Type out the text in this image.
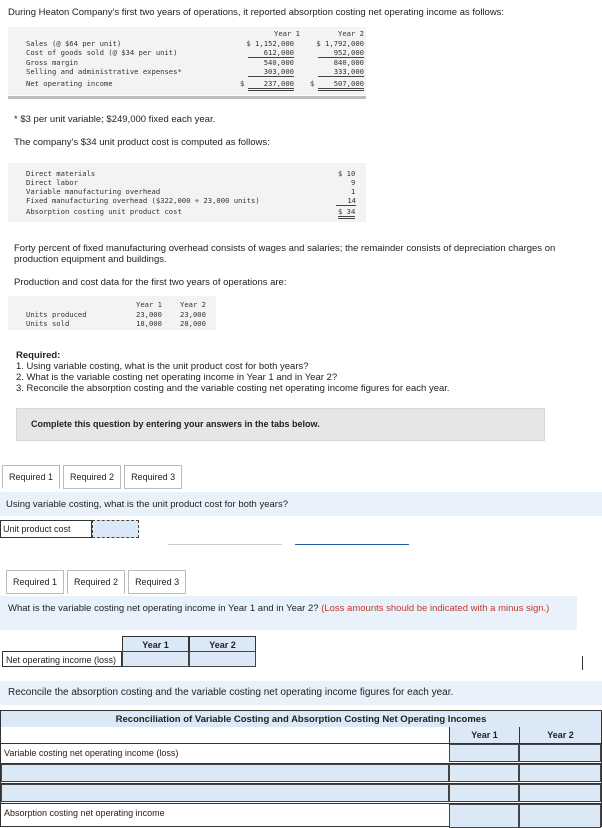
During Heaton Company's first two years of operations, it reported absorption costing net operating income as follows:
Year 1	Year 2
Sales (@ $64 per unit)	$ 1,152,000	$ 1,792,000
Cost of goods sold (@ $34 per unit)	612,000	952,000
Gross margin	540,000	840,000
Selling and administrative expenses*	303,000	333,000
Net operating income	$	237,000 $	507,000
* $3 per unit variable; $249,000 fixed each year.
The company's $34 unit product cost is computed as follows:
Direct materials	$ 10
Direct labor	9
Variable manufacturing overhead	1
Fixed manufacturing overhead ($322,000 ÷ 23,000 units)	14
Absorption costing unit product cost	$ 34
Forty percent of fixed manufacturing overhead consists of wages and salaries; the remainder consists of depreciation charges on production equipment and buildings.
Production and cost data for the first two years of operations are:
Year 1	Year 2
Units produced	23,000	23,000
Units sold	18,000	28,000
Required:
1. Using variable costing, what is the unit product cost for both years?
2. What is the variable costing net operating income in Year 1 and in Year 2?
3. Reconcile the absorption costing and the variable costing net operating income figures for each year.
Complete this question by entering your answers in the tabs below.
Required 1	Required 2	Required 3
Using variable costing, what is the unit product cost for both years?
Unit product cost
Required 1	Required 2	Required 3
What is the variable costing net operating income in Year 1 and in Year 2? (Loss amounts should be indicated with a minus sign.)
Year 1	Year 2
Net operating income (loss)
Reconcile the absorption costing and the variable costing net operating income figures for each year.
Reconciliation of Variable Costing and Absorption Costing Net Operating Incomes
Year 1	Year 2
Variable costing net operating income (loss)
Absorption costing net operating income
